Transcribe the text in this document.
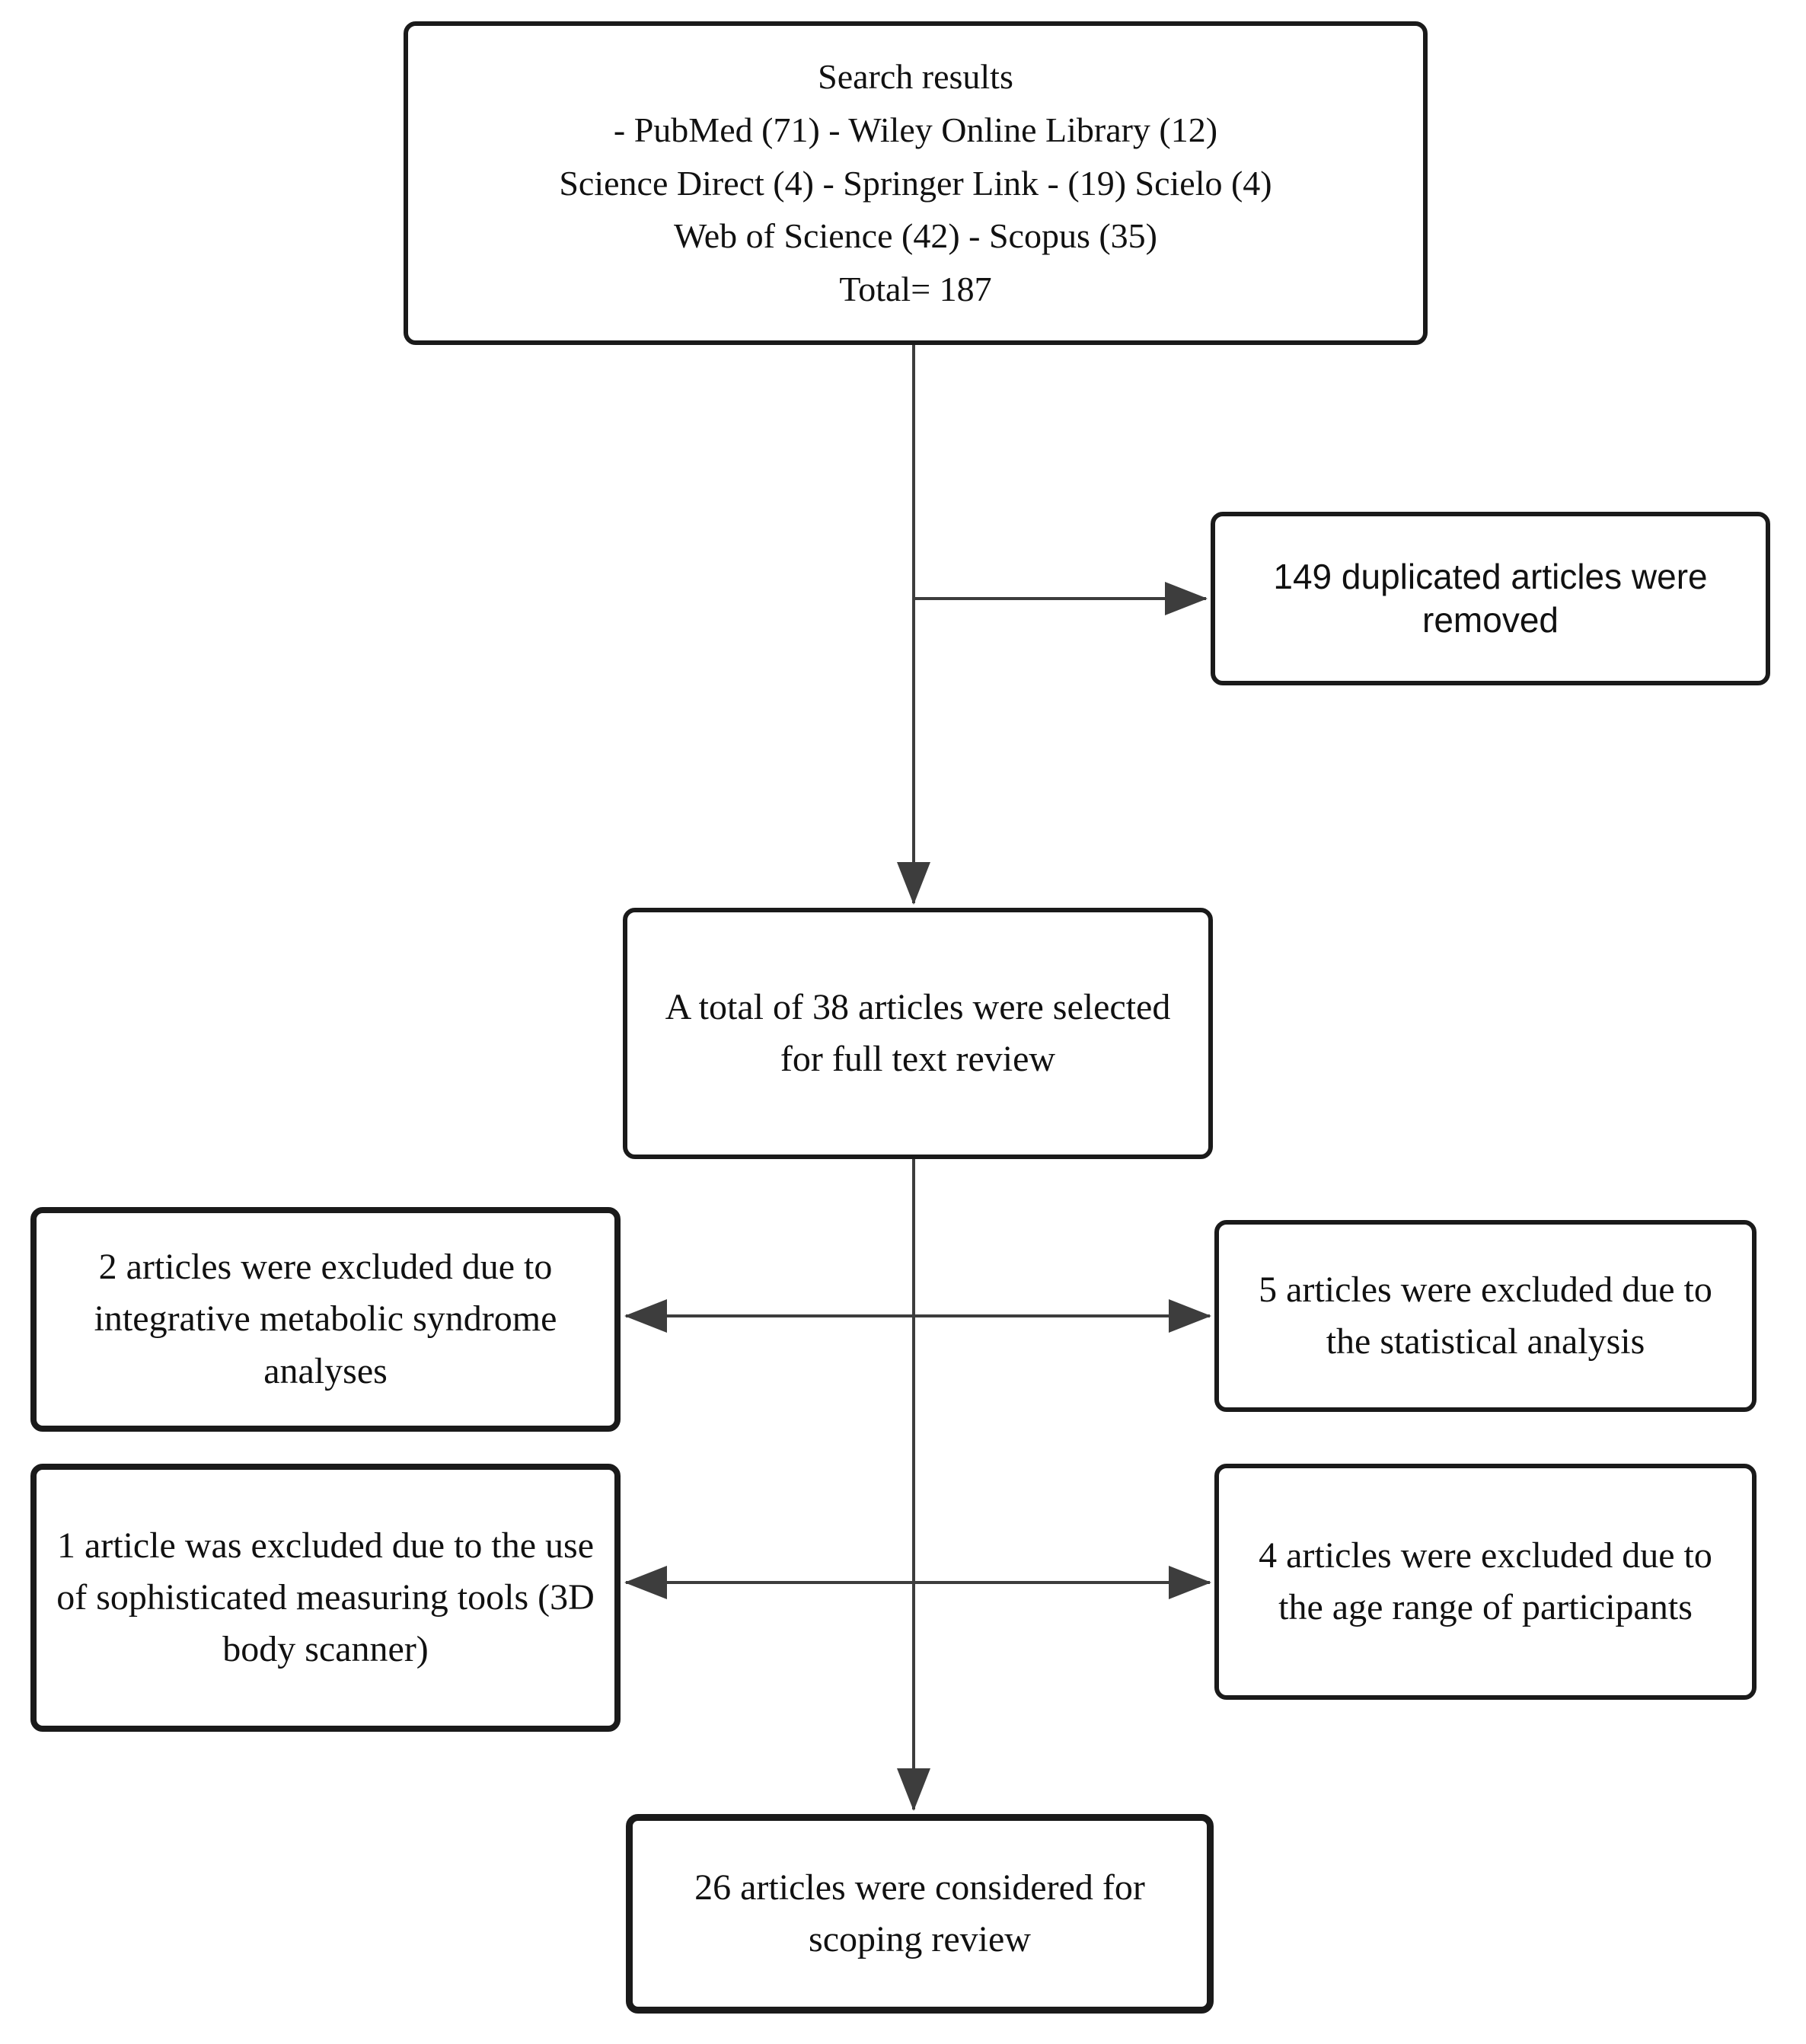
Search results
- PubMed (71) - Wiley Online Library (12)
Science Direct (4) - Springer Link - (19) Scielo (4)
Web of Science (42) - Scopus (35)
Total= 187
149 duplicated articles were removed
A total of 38 articles were selected for full text review
2 articles were excluded due to integrative metabolic syndrome analyses
5 articles were excluded due to the statistical analysis
1 article was excluded due to the use of sophisticated measuring tools (3D body scanner)
4 articles were excluded due to the age range of participants
26 articles were considered for scoping review
